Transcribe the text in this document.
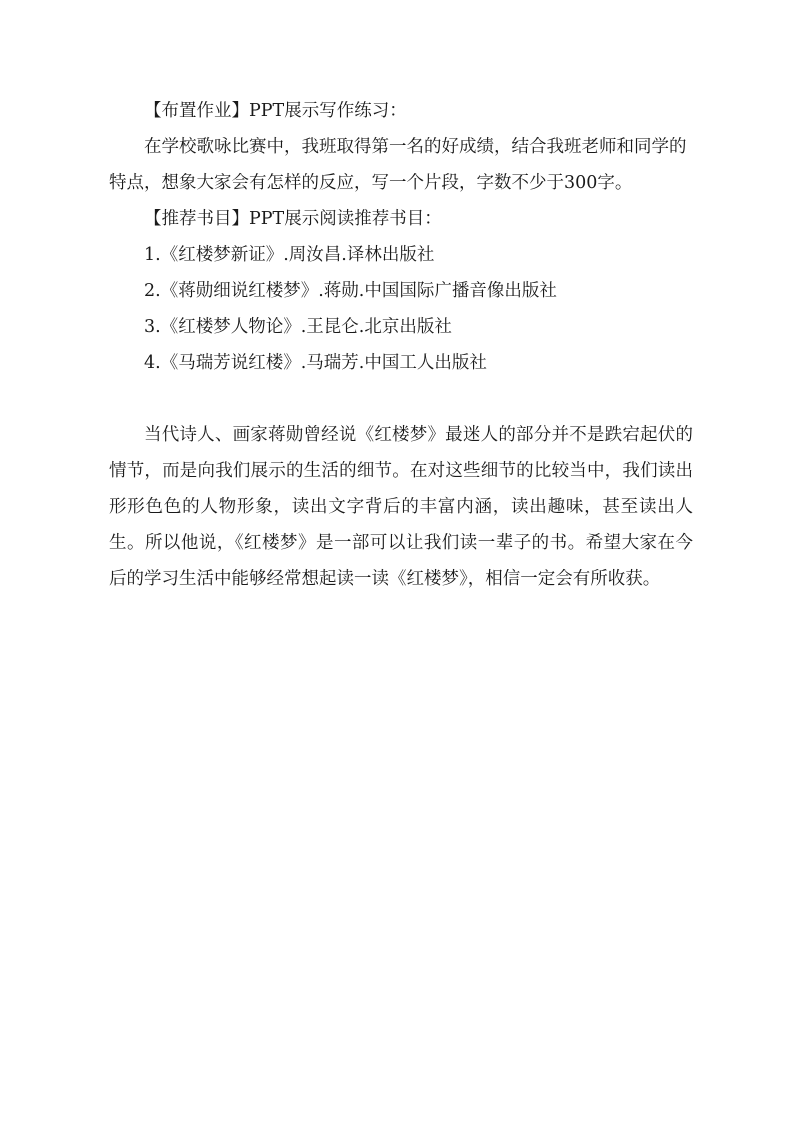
【布置作业】PPT展示写作练习：

在学校歌咏比赛中，我班取得第一名的好成绩，结合我班老师和同学的特点，想象大家会有怎样的反应，写一个片段，字数不少于300字。

【推荐书目】PPT展示阅读推荐书目：

1.《红楼梦新证》.周汝昌.译林出版社
2.《蒋勋细说红楼梦》.蒋勋.中国国际广播音像出版社
3.《红楼梦人物论》.王昆仑.北京出版社
4.《马瑞芳说红楼》.马瑞芳.中国工人出版社

当代诗人、画家蒋勋曾经说《红楼梦》最迷人的部分并不是跌宕起伏的情节，而是向我们展示的生活的细节。在对这些细节的比较当中，我们读出形形色色的人物形象，读出文字背后的丰富内涵，读出趣味，甚至读出人生。所以他说，《红楼梦》是一部可以让我们读一辈子的书。希望大家在今后的学习生活中能够经常想起读一读《红楼梦》，相信一定会有所收获。
